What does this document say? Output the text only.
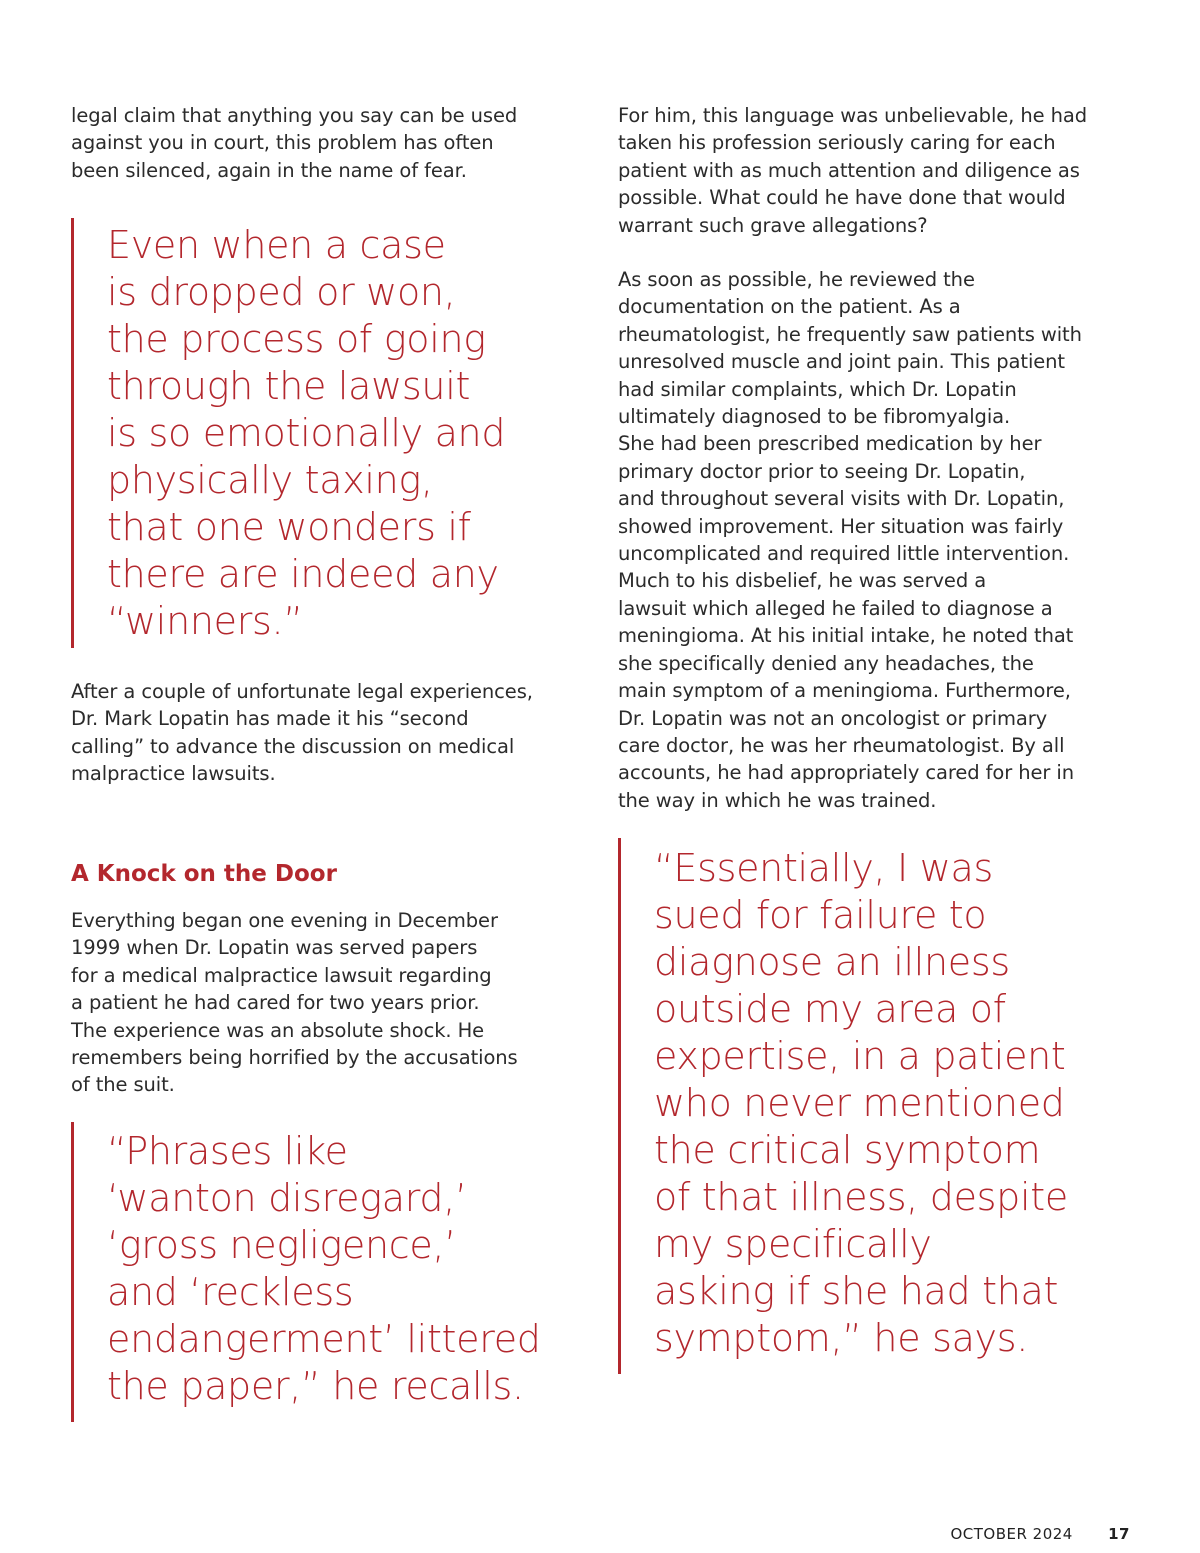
legal claim that anything you say can be used
against you in court, this problem has often
been silenced, again in the name of fear.

Even when a case
is dropped or won,
the process of going
through the lawsuit
is so emotionally and
physically taxing,
that one wonders if
there are indeed any
“winners.”

After a couple of unfortunate legal experiences,
Dr. Mark Lopatin has made it his “second
calling” to advance the discussion on medical
malpractice lawsuits.

A Knock on the Door

Everything began one evening in December
1999 when Dr. Lopatin was served papers
for a medical malpractice lawsuit regarding
a patient he had cared for two years prior.
The experience was an absolute shock. He
remembers being horrified by the accusations
of the suit.

“Phrases like
‘wanton disregard,’
‘gross negligence,’
and ‘reckless
endangerment’ littered
the paper,” he recalls.

For him, this language was unbelievable, he had
taken his profession seriously caring for each
patient with as much attention and diligence as
possible. What could he have done that would
warrant such grave allegations?

As soon as possible, he reviewed the
documentation on the patient. As a
rheumatologist, he frequently saw patients with
unresolved muscle and joint pain. This patient
had similar complaints, which Dr. Lopatin
ultimately diagnosed to be fibromyalgia.
She had been prescribed medication by her
primary doctor prior to seeing Dr. Lopatin,
and throughout several visits with Dr. Lopatin,
showed improvement. Her situation was fairly
uncomplicated and required little intervention.
Much to his disbelief, he was served a
lawsuit which alleged he failed to diagnose a
meningioma. At his initial intake, he noted that
she specifically denied any headaches, the
main symptom of a meningioma. Furthermore,
Dr. Lopatin was not an oncologist or primary
care doctor, he was her rheumatologist. By all
accounts, he had appropriately cared for her in
the way in which he was trained.

“Essentially, I was
sued for failure to
diagnose an illness
outside my area of
expertise, in a patient
who never mentioned
the critical symptom
of that illness, despite
my specifically
asking if she had that
symptom,” he says.

OCTOBER 2024 17
